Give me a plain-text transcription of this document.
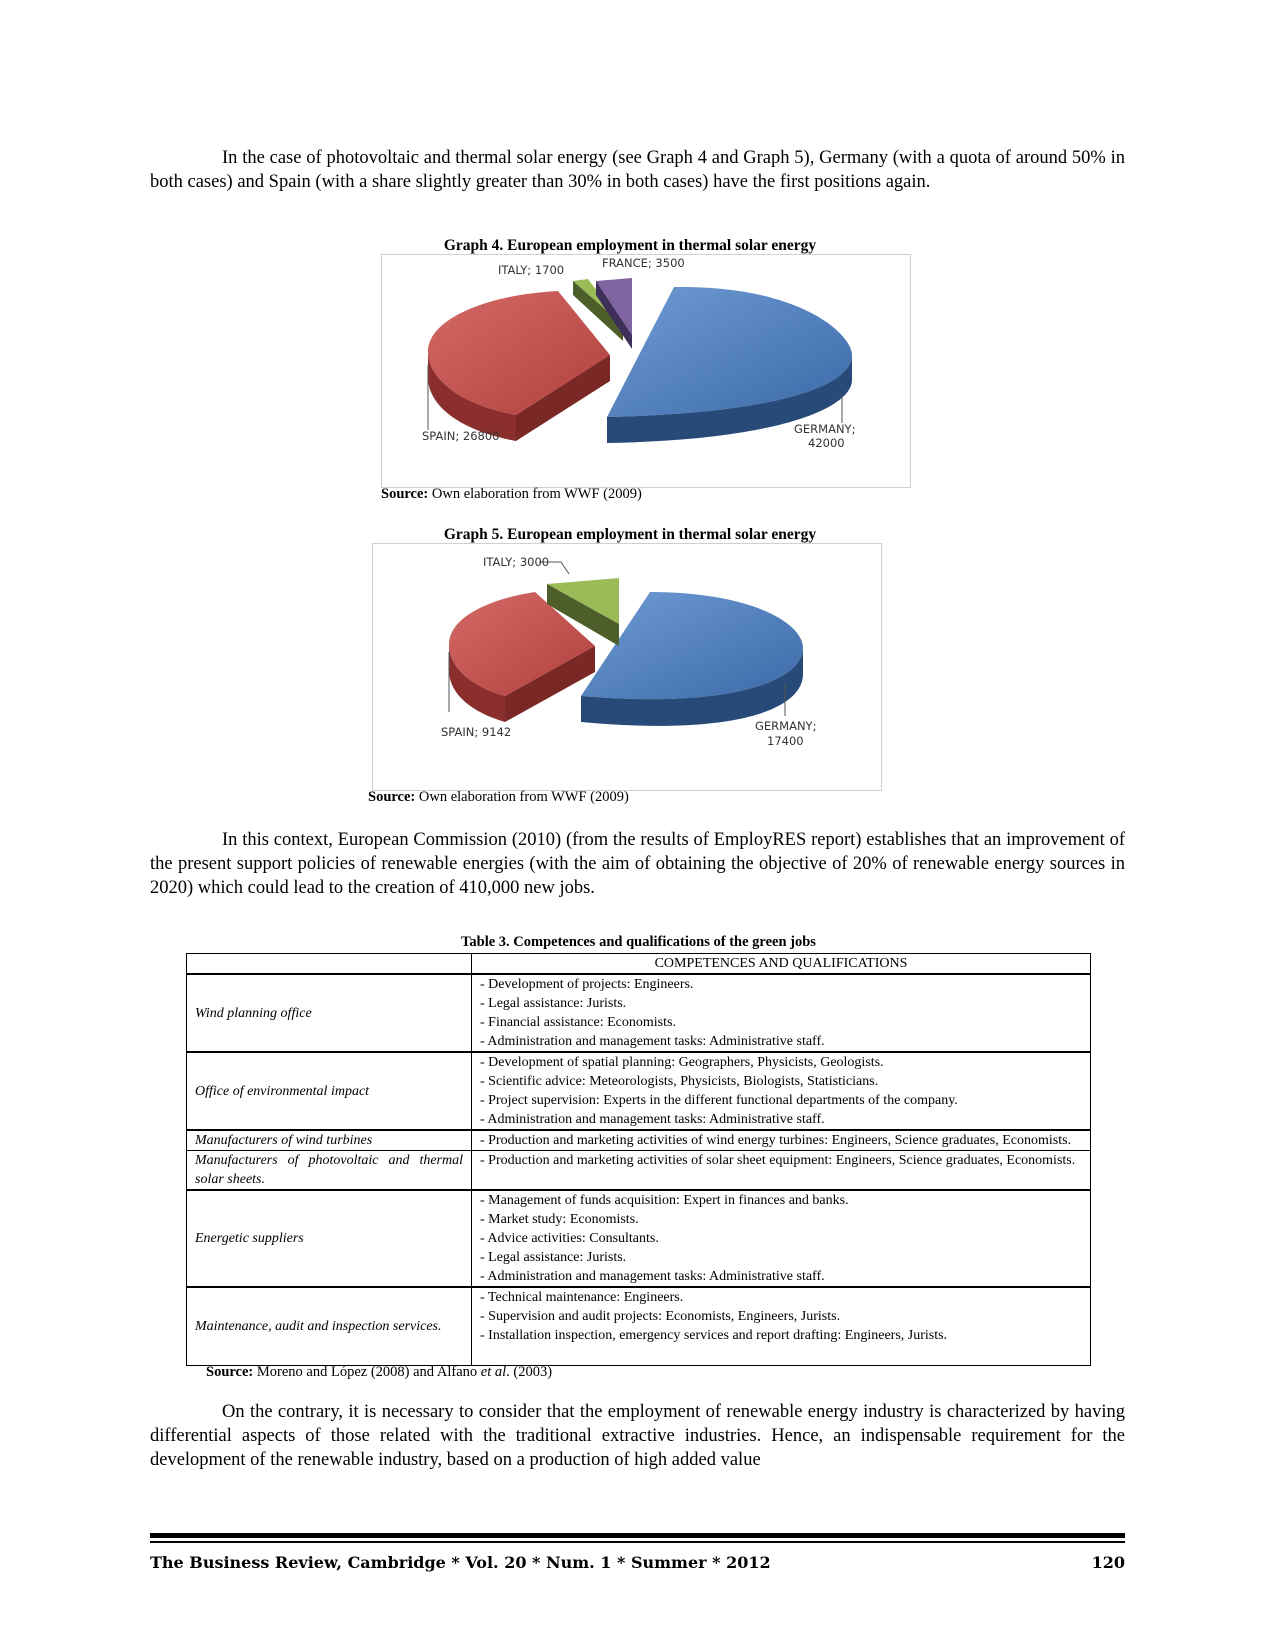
In the case of photovoltaic and thermal solar energy (see Graph 4 and Graph 5), Germany (with a quota of around 50% in both cases) and Spain (with a share slightly greater than 30% in both cases) have the first positions again.

Graph 4. European employment in thermal solar energy
ITALY; 1700	FRANCE; 3500
SPAIN; 26800	GERMANY; 42000
Source: Own elaboration from WWF (2009)
Graph 5. European employment in thermal solar energy
ITALY; 3000
SPAIN; 9142	GERMANY; 17400
Source: Own elaboration from WWF (2009)

In this context, European Commission (2010) (from the results of EmployRES report) establishes that an improvement of the present support policies of renewable energies (with the aim of obtaining the objective of 20% of renewable energy sources in 2020) which could lead to the creation of 410,000 new jobs.

Table 3. Competences and qualifications of the green jobs
	COMPETENCES AND QUALIFICATIONS
Wind planning office	- Development of projects: Engineers.
- Legal assistance: Jurists.
- Financial assistance: Economists.
- Administration and management tasks: Administrative staff.

Office of environmental impact	- Development of spatial planning: Geographers, Physicists, Geologists.
- Scientific advice: Meteorologists, Physicists, Biologists, Statisticians.
- Project supervision: Experts in the different functional departments of the company.
- Administration and management tasks: Administrative staff.

Manufacturers of wind turbines	- Production and marketing activities of wind energy turbines: Engineers, Science graduates, Economists.

Manufacturers of photovoltaic and thermal solar sheets.	- Production and marketing activities of solar sheet equipment: Engineers, Science graduates, Economists.

Energetic suppliers	- Management of funds acquisition: Expert in finances and banks.
- Market study: Economists.
- Advice activities: Consultants.
- Legal assistance: Jurists.
- Administration and management tasks: Administrative staff.

Maintenance, audit and inspection services.	- Technical maintenance: Engineers.
- Supervision and audit projects: Economists, Engineers, Jurists.
- Installation inspection, emergency services and report drafting: Engineers, Jurists.
Source: Moreno and López (2008) and Alfano et al. (2003)

On the contrary, it is necessary to consider that the employment of renewable energy industry is characterized by having differential aspects of those related with the traditional extractive industries. Hence, an indispensable requirement for the development of the renewable industry, based on a production of high added value

The Business Review, Cambridge * Vol. 20 * Num. 1 * Summer * 2012	120
